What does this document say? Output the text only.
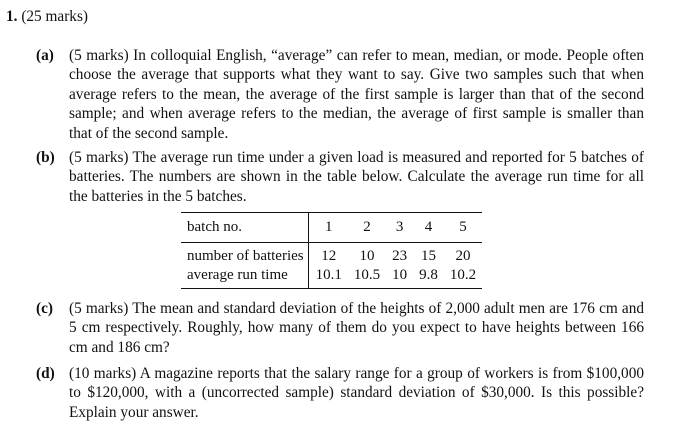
1. (25 marks)
(a) (5 marks) In colloquial English, “average” can refer to mean, median, or mode. People often choose the average that supports what they want to say. Give two samples such that when average refers to the mean, the average of the first sample is larger than that of the second sample; and when average refers to the median, the average of first sample is smaller than that of the second sample.
(b) (5 marks) The average run time under a given load is measured and reported for 5 batches of batteries. The numbers are shown in the table below. Calculate the average run time for all the batteries in the 5 batches.
batch no.	1	2	3	4	5
number of batteries	12	10	23	15	20
average run time	10.1	10.5	10	9.8	10.2
(c) (5 marks) The mean and standard deviation of the heights of 2,000 adult men are 176 cm and 5 cm respectively. Roughly, how many of them do you expect to have heights between 166 cm and 186 cm?
(d) (10 marks) A magazine reports that the salary range for a group of workers is from $100,000 to $120,000, with a (uncorrected sample) standard deviation of $30,000. Is this possible? Explain your answer.
